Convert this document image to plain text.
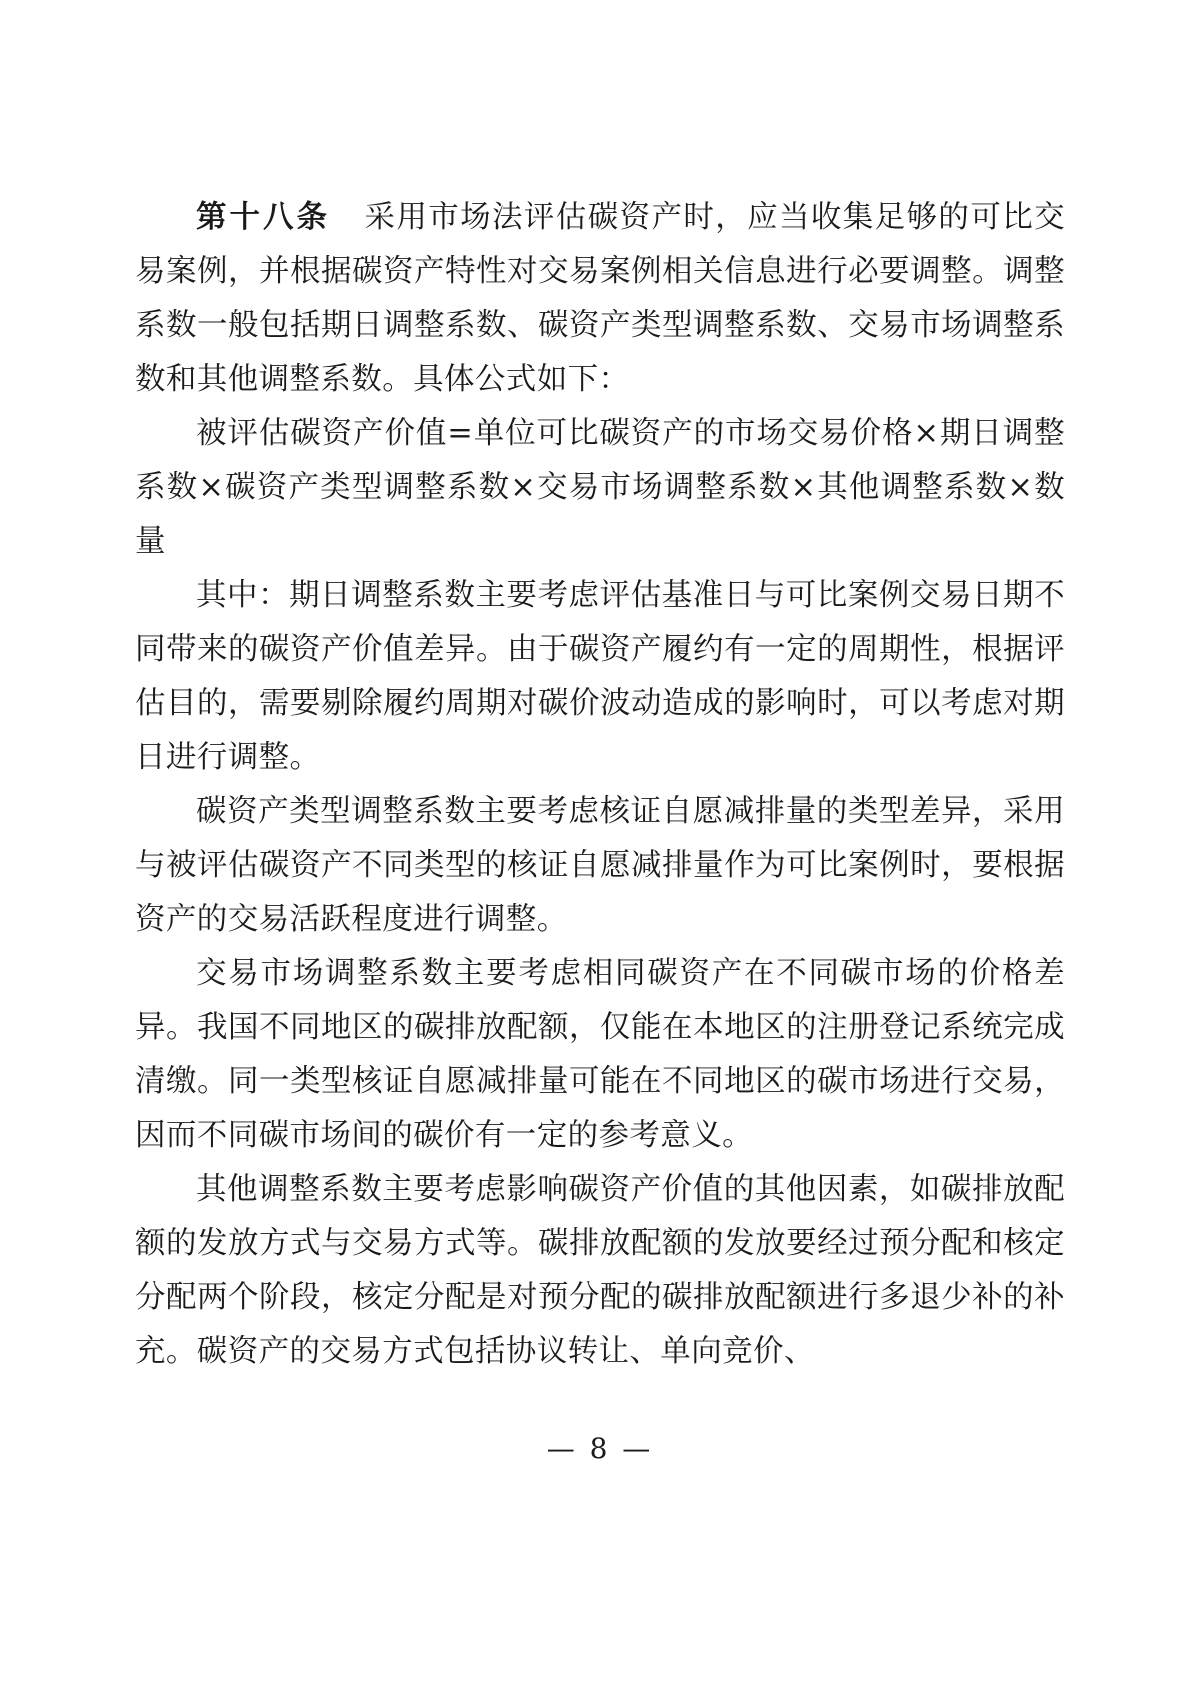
第十八条 采用市场法评估碳资产时，应当收集足够的可比交易案例，并根据碳资产特性对交易案例相关信息进行必要调整。调整系数一般包括期日调整系数、碳资产类型调整系数、交易市场调整系数和其他调整系数。具体公式如下：

被评估碳资产价值=单位可比碳资产的市场交易价格×期日调整系数×碳资产类型调整系数×交易市场调整系数×其他调整系数×数量

其中：期日调整系数主要考虑评估基准日与可比案例交易日期不同带来的碳资产价值差异。由于碳资产履约有一定的周期性，根据评估目的，需要剔除履约周期对碳价波动造成的影响时，可以考虑对期日进行调整。

碳资产类型调整系数主要考虑核证自愿减排量的类型差异，采用与被评估碳资产不同类型的核证自愿减排量作为可比案例时，要根据资产的交易活跃程度进行调整。

交易市场调整系数主要考虑相同碳资产在不同碳市场的价格差异。我国不同地区的碳排放配额，仅能在本地区的注册登记系统完成清缴。同一类型核证自愿减排量可能在不同地区的碳市场进行交易，因而不同碳市场间的碳价有一定的参考意义。

其他调整系数主要考虑影响碳资产价值的其他因素，如碳排放配额的发放方式与交易方式等。碳排放配额的发放要经过预分配和核定分配两个阶段，核定分配是对预分配的碳排放配额进行多退少补的补充。碳资产的交易方式包括协议转让、单向竞价、

— 8 —
